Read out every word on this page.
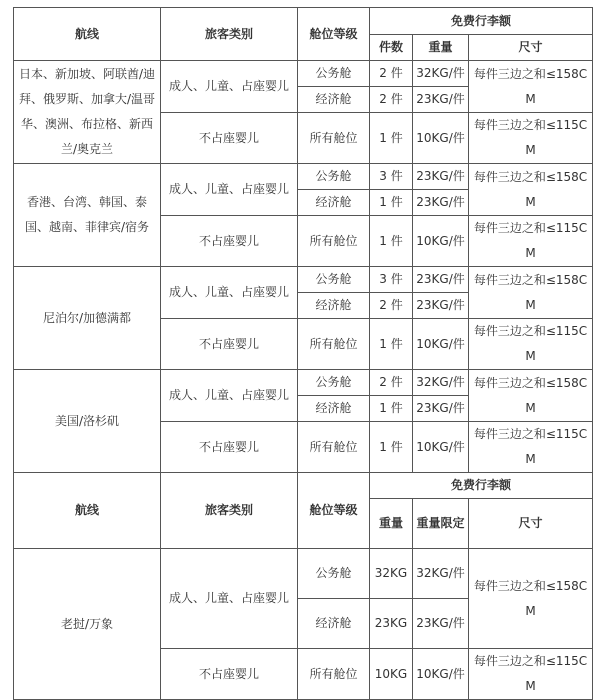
航线	旅客类别	舱位等级	免费行李额		
			件数	重量	尺寸
日本、新加坡、阿联酋/迪拜、俄罗斯、加拿大/温哥华、澳洲、布拉格、新西兰/奥克兰	成人、儿童、占座婴儿	公务舱	2 件	32KG/件	每件三边之和≤158CM
		经济舱	2 件	23KG/件	
	不占座婴儿	所有舱位	1 件	10KG/件	每件三边之和≤115CM
香港、台湾、韩国、泰国、越南、菲律宾/宿务	成人、儿童、占座婴儿	公务舱	3 件	23KG/件	每件三边之和≤158CM
		经济舱	1 件	23KG/件	
	不占座婴儿	所有舱位	1 件	10KG/件	每件三边之和≤115CM
尼泊尔/加德满都	成人、儿童、占座婴儿	公务舱	3 件	23KG/件	每件三边之和≤158CM
		经济舱	2 件	23KG/件	
	不占座婴儿	所有舱位	1 件	10KG/件	每件三边之和≤115CM
美国/洛杉矶	成人、儿童、占座婴儿	公务舱	2 件	32KG/件	每件三边之和≤158CM
		经济舱	1 件	23KG/件	
	不占座婴儿	所有舱位	1 件	10KG/件	每件三边之和≤115CM
航线	旅客类别	舱位等级	免费行李额		
			重量	重量限定	尺寸

老挝/万象	成人、儿童、占座婴儿	公务舱	32KG	32KG/件	每件三边之和≤158CM
		经济舱	23KG	23KG/件	
	不占座婴儿	所有舱位	10KG	10KG/件	每件三边之和≤115CM
